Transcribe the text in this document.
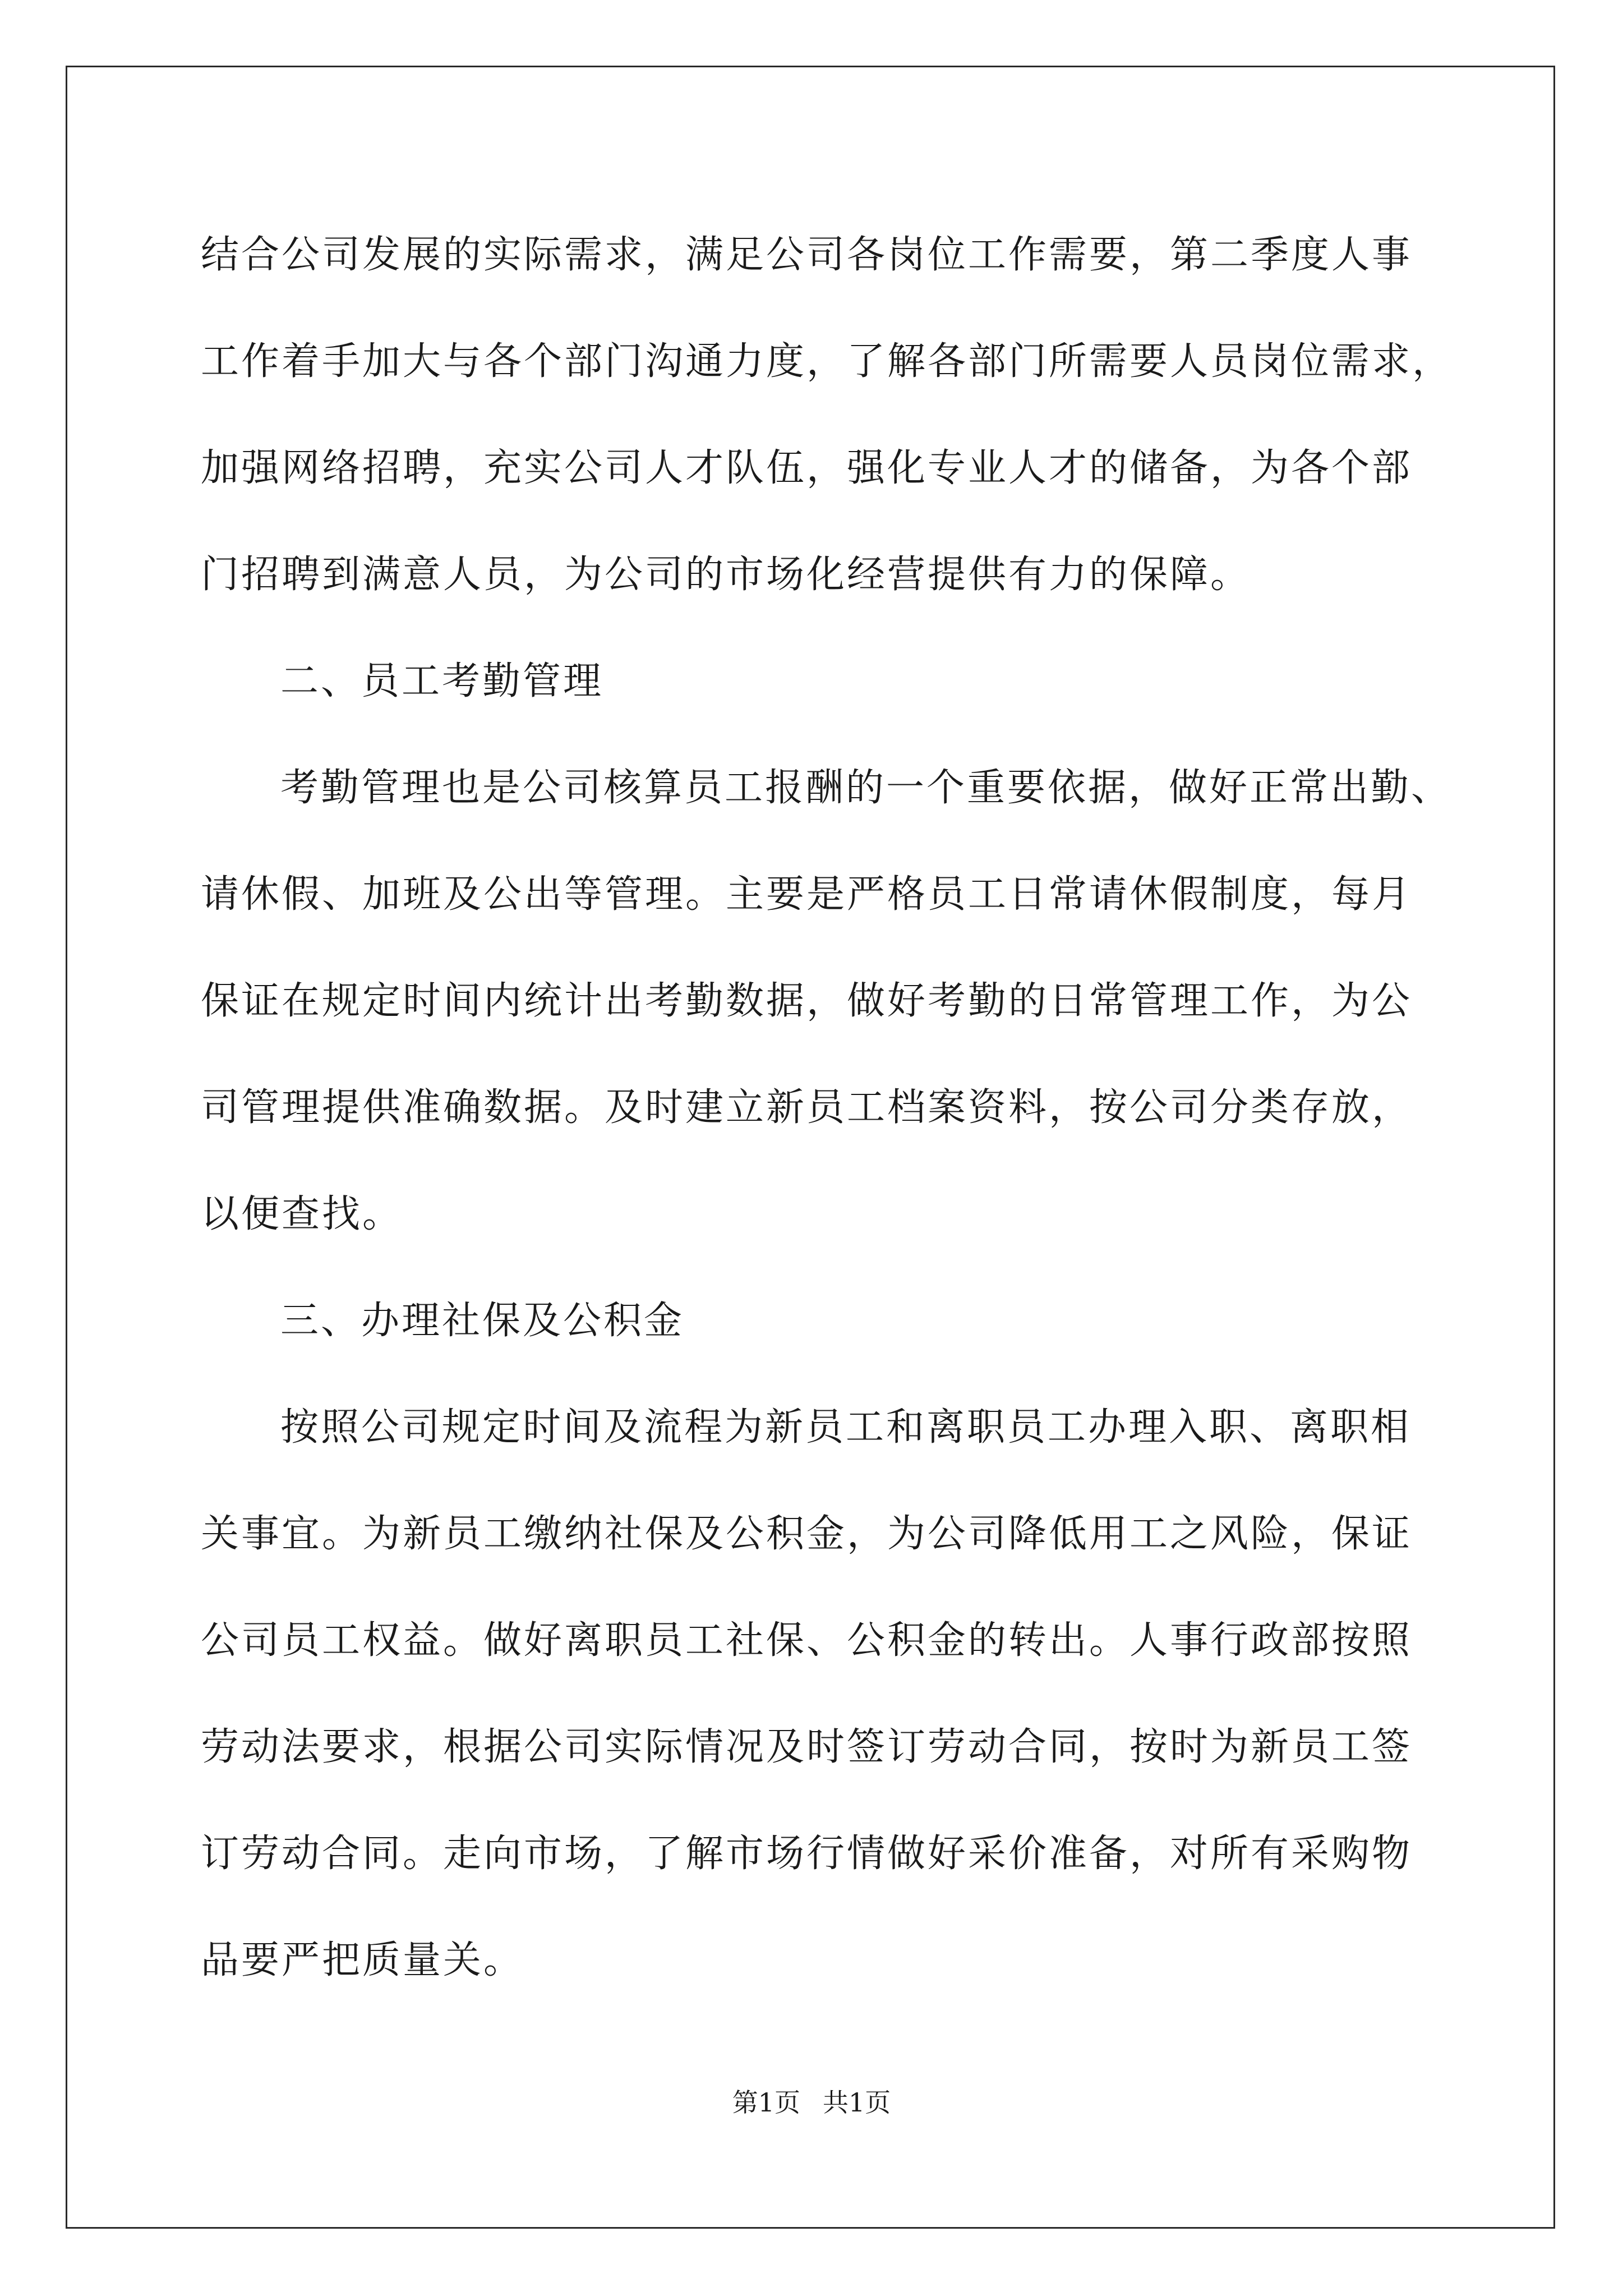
结合公司发展的实际需求，满足公司各岗位工作需要，第二季度人事
工作着手加大与各个部门沟通力度，了解各部门所需要人员岗位需求，
加强网络招聘，充实公司人才队伍，强化专业人才的储备，为各个部
门招聘到满意人员，为公司的市场化经营提供有力的保障。
二、员工考勤管理
考勤管理也是公司核算员工报酬的一个重要依据，做好正常出勤、
请休假、加班及公出等管理。主要是严格员工日常请休假制度，每月
保证在规定时间内统计出考勤数据，做好考勤的日常管理工作，为公
司管理提供准确数据。及时建立新员工档案资料，按公司分类存放，
以便查找。
三、办理社保及公积金
按照公司规定时间及流程为新员工和离职员工办理入职、离职相
关事宜。为新员工缴纳社保及公积金，为公司降低用工之风险，保证
公司员工权益。做好离职员工社保、公积金的转出。人事行政部按照
劳动法要求，根据公司实际情况及时签订劳动合同，按时为新员工签
订劳动合同。走向市场，了解市场行情做好采价准备，对所有采购物
品要严把质量关。
第1页 共1页
